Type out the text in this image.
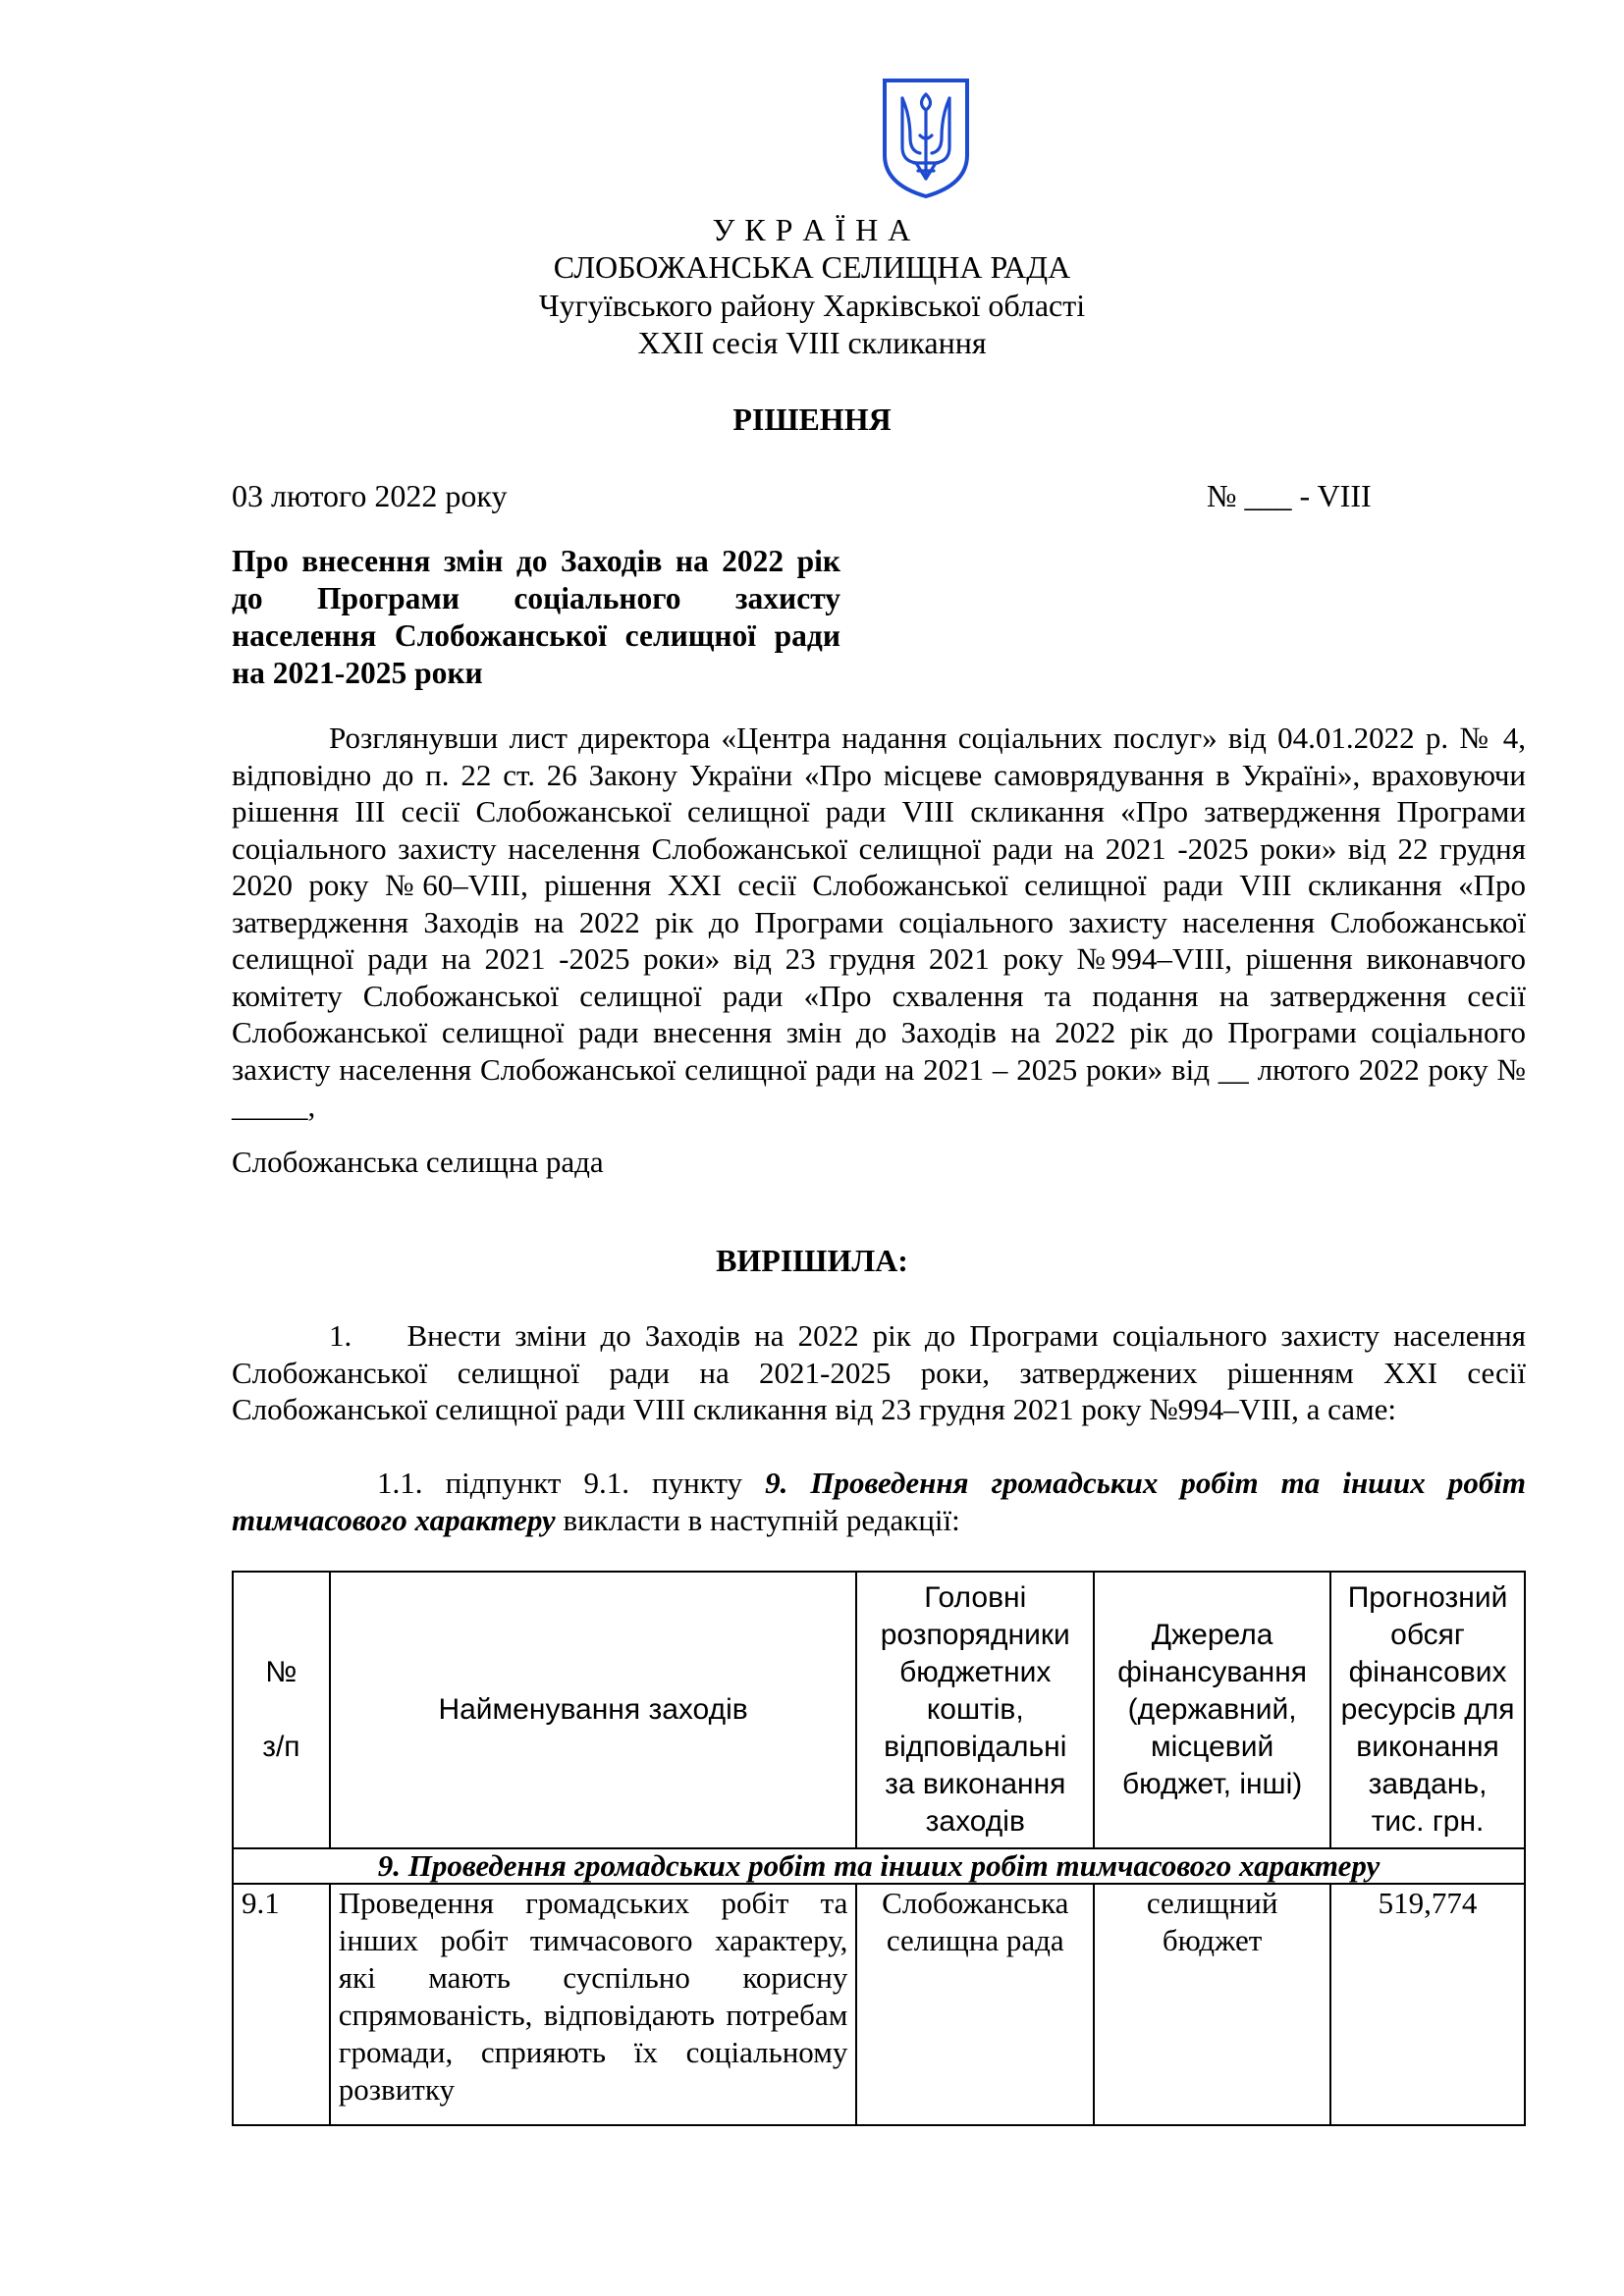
У К Р А Ї Н А
СЛОБОЖАНСЬКА СЕЛИЩНА РАДА
Чугуївського району Харківської області
XXII сесія VIII скликання
РІШЕННЯ
03 лютого 2022 року	№ ___ - VIII
Про внесення змін до Заходів на 2022 рік до Програми соціального захисту населення Слобожанської селищної ради на 2021-2025 роки
Розглянувши лист директора «Центра надання соціальних послуг» від 04.01.2022 р. № 4, відповідно до п. 22 ст. 26 Закону України «Про місцеве самоврядування в Україні», враховуючи рішення ІІІ сесії Слобожанської селищної ради VIII скликання «Про затвердження Програми соціального захисту населення Слобожанської селищної ради на 2021 -2025 роки» від 22 грудня 2020 року №60–VIII, рішення ХХІ сесії Слобожанської селищної ради VIII скликання «Про затвердження Заходів на 2022 рік до Програми соціального захисту населення Слобожанської селищної ради на 2021 -2025 роки» від 23 грудня 2021 року №994–VIII, рішення виконавчого комітету Слобожанської селищної ради «Про схвалення та подання на затвердження сесії Слобожанської селищної ради внесення змін до Заходів на 2022 рік до Програми соціального захисту населення Слобожанської селищної ради на 2021 – 2025 роки» від __ лютого 2022 року № _____,
Слобожанська селищна рада
ВИРІШИЛА:
1.    Внести зміни до Заходів на 2022 рік до Програми соціального захисту населення Слобожанської селищної ради на 2021-2025 роки, затверджених рішенням ХХІ сесії Слобожанської селищної ради VIII скликання від 23 грудня 2021 року №994–VIII, а саме:
1.1. підпункт 9.1. пункту 9. Проведення громадських робіт та інших робіт тимчасового характеру викласти в наступній редакції:
№

з/п	Найменування заходів	Головні розпорядники бюджетних коштів, відповідальні за виконання заходів	Джерела фінансування (державний, місцевий бюджет, інші)	Прогнозний обсяг фінансових ресурсів для виконання завдань, тис. грн.
9. Проведення громадських робіт та інших робіт тимчасового характеру				
9.1	Проведення громадських робіт та інших робіт тимчасового характеру, які мають суспільно корисну спрямованість, відповідають потребам громади, сприяють їх соціальному розвитку	Слобожанська селищна рада	селищний бюджет	519,774
